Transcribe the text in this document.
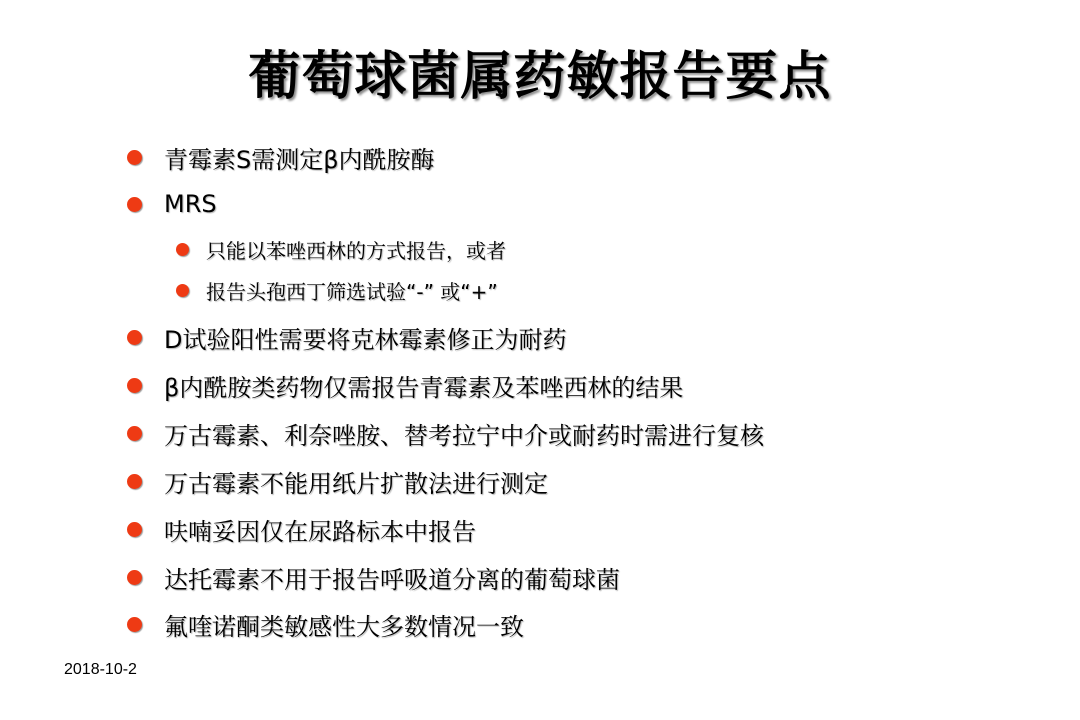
葡萄球菌属药敏报告要点
青霉素S需测定β内酰胺酶
MRS
只能以苯唑西林的方式报告，或者
报告头孢西丁筛选试验“-” 或“+”
D试验阳性需要将克林霉素修正为耐药
β内酰胺类药物仅需报告青霉素及苯唑西林的结果
万古霉素、利奈唑胺、替考拉宁中介或耐药时需进行复核
万古霉素不能用纸片扩散法进行测定
呋喃妥因仅在尿路标本中报告
达托霉素不用于报告呼吸道分离的葡萄球菌
氟喹诺酮类敏感性大多数情况一致
2018-10-2
